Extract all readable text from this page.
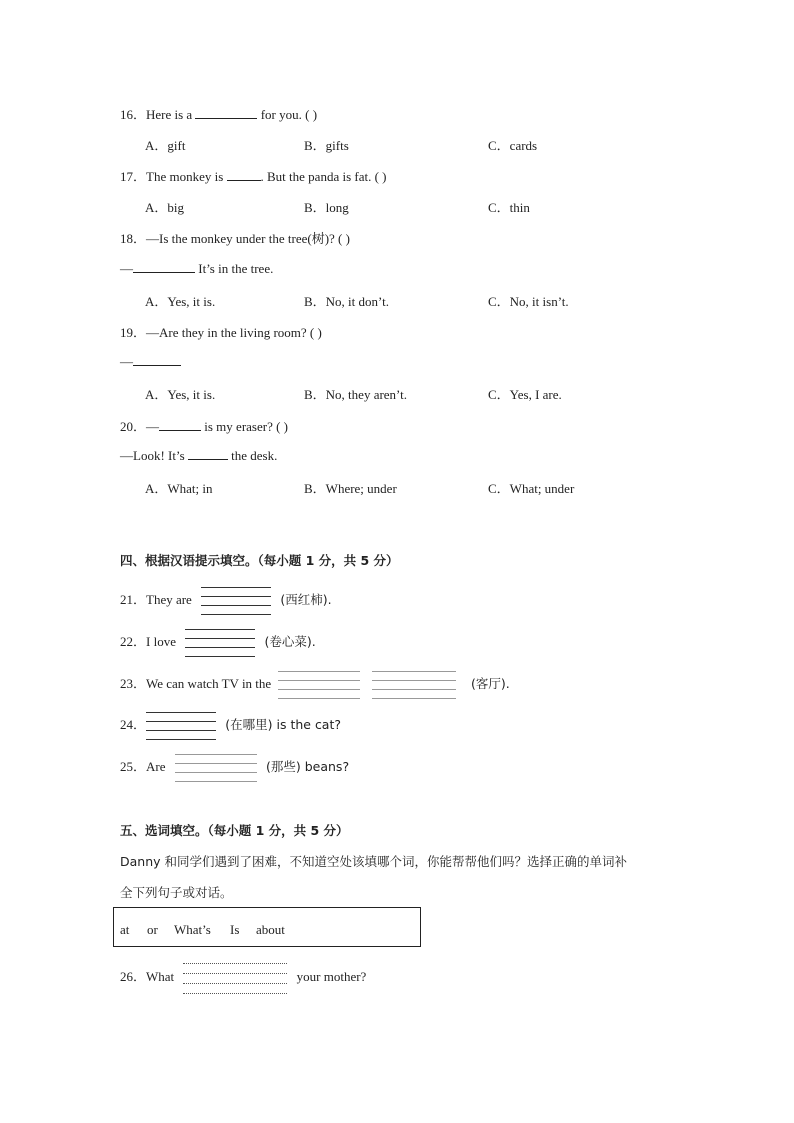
16．Here is a	for you. ( )
A．gift	B．gifts	C．cards
17．The monkey is	. But the panda is fat. ( )
A．big	B．long	C．thin
18．—Is the monkey under the tree(树)? ( )
—	It’s in the tree.
A．Yes, it is.	B．No, it don’t.	C．No, it isn’t.
19．—Are they in the living room? ( )
—
A．Yes, it is.	B．No, they aren’t.	C．Yes, I are.
20．—	is my eraser? ( )
—Look! It’s	the desk.
A．What; in	B．Where; under	C．What; under
四、根据汉语提示填空。（每小题 1 分，共 5 分）
21．They are	(西红柿).
22．I love	(卷心菜).
23．We can watch TV in the
	(客厅).
24．	(在哪里) is the cat?
25．Are	(那些) beans?
五、选词填空。（每小题 1 分，共 5 分）
Danny 和同学们遇到了困难，不知道空处该填哪个词，你能帮帮他们吗？选择正确的单词补
全下列句子或对话。
at or What’s Is about
26．What	your mother?
